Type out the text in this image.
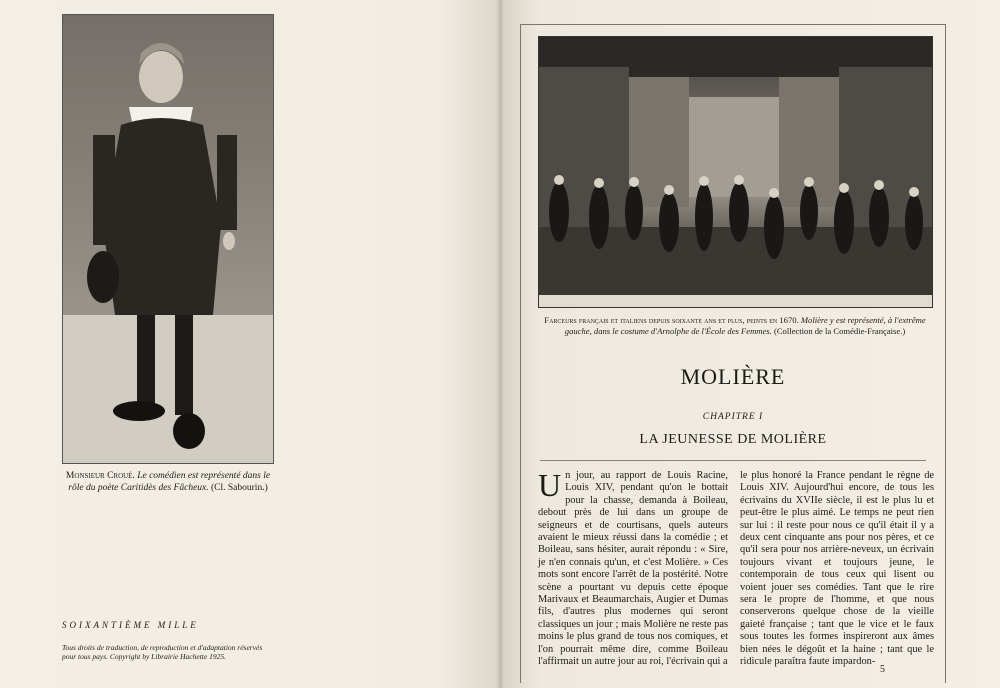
Monsieur Croué. Le comédien est représenté dans le rôle du poète Caritidès des Fâcheux. (Cl. Sabourin.)
SOIXANTIÈME MILLE
Tous droits de traduction, de reproduction et d'adaptation réservés pour tous pays. Copyright by Librairie Hachette 1925.
Farceurs français et italiens depuis soixante ans et plus, peints en 1670. Molière y est représenté, à l'extrême gauche, dans le costume d'Arnolphe de l'École des Femmes. (Collection de la Comédie-Française.)
MOLIÈRE
CHAPITRE I
LA JEUNESSE DE MOLIÈRE
Un jour, au rapport de Louis Racine, Louis XIV, pendant qu'on le bottait pour la chasse, demanda à Boileau, debout près de lui dans un groupe de seigneurs et de courtisans, quels auteurs avaient le mieux réussi dans la comédie ; et Boileau, sans hésiter, aurait répondu : « Sire, je n'en connais qu'un, et c'est Molière. » Ces mots sont encore l'arrêt de la postérité. Notre scène a pourtant vu depuis cette époque Marivaux et Beaumarchais, Augier et Dumas fils, d'autres plus modernes qui seront classiques un jour ; mais Molière ne reste pas moins le plus grand de tous nos comiques, et l'on pourrait même dire, comme Boileau l'affirmait un autre jour au roi, l'écrivain qui a
le plus honoré la France pendant le règne de Louis XIV. Aujourd'hui encore, de tous les écrivains du XVIIe siècle, il est le plus lu et peut-être le plus aimé. Le temps ne peut rien sur lui : il reste pour nous ce qu'il était il y a deux cent cinquante ans pour nos pères, et ce qu'il sera pour nos arrière-neveux, un écrivain toujours vivant et toujours jeune, le contemporain de tous ceux qui lisent ou voient jouer ses comédies. Tant que le rire sera le propre de l'homme, et que nous conserverons quelque chose de la vieille gaieté française ; tant que le vice et le faux sous toutes les formes inspireront aux âmes bien nées le dégoût et la haine ; tant que le ridicule paraîtra faute impardon-
5
